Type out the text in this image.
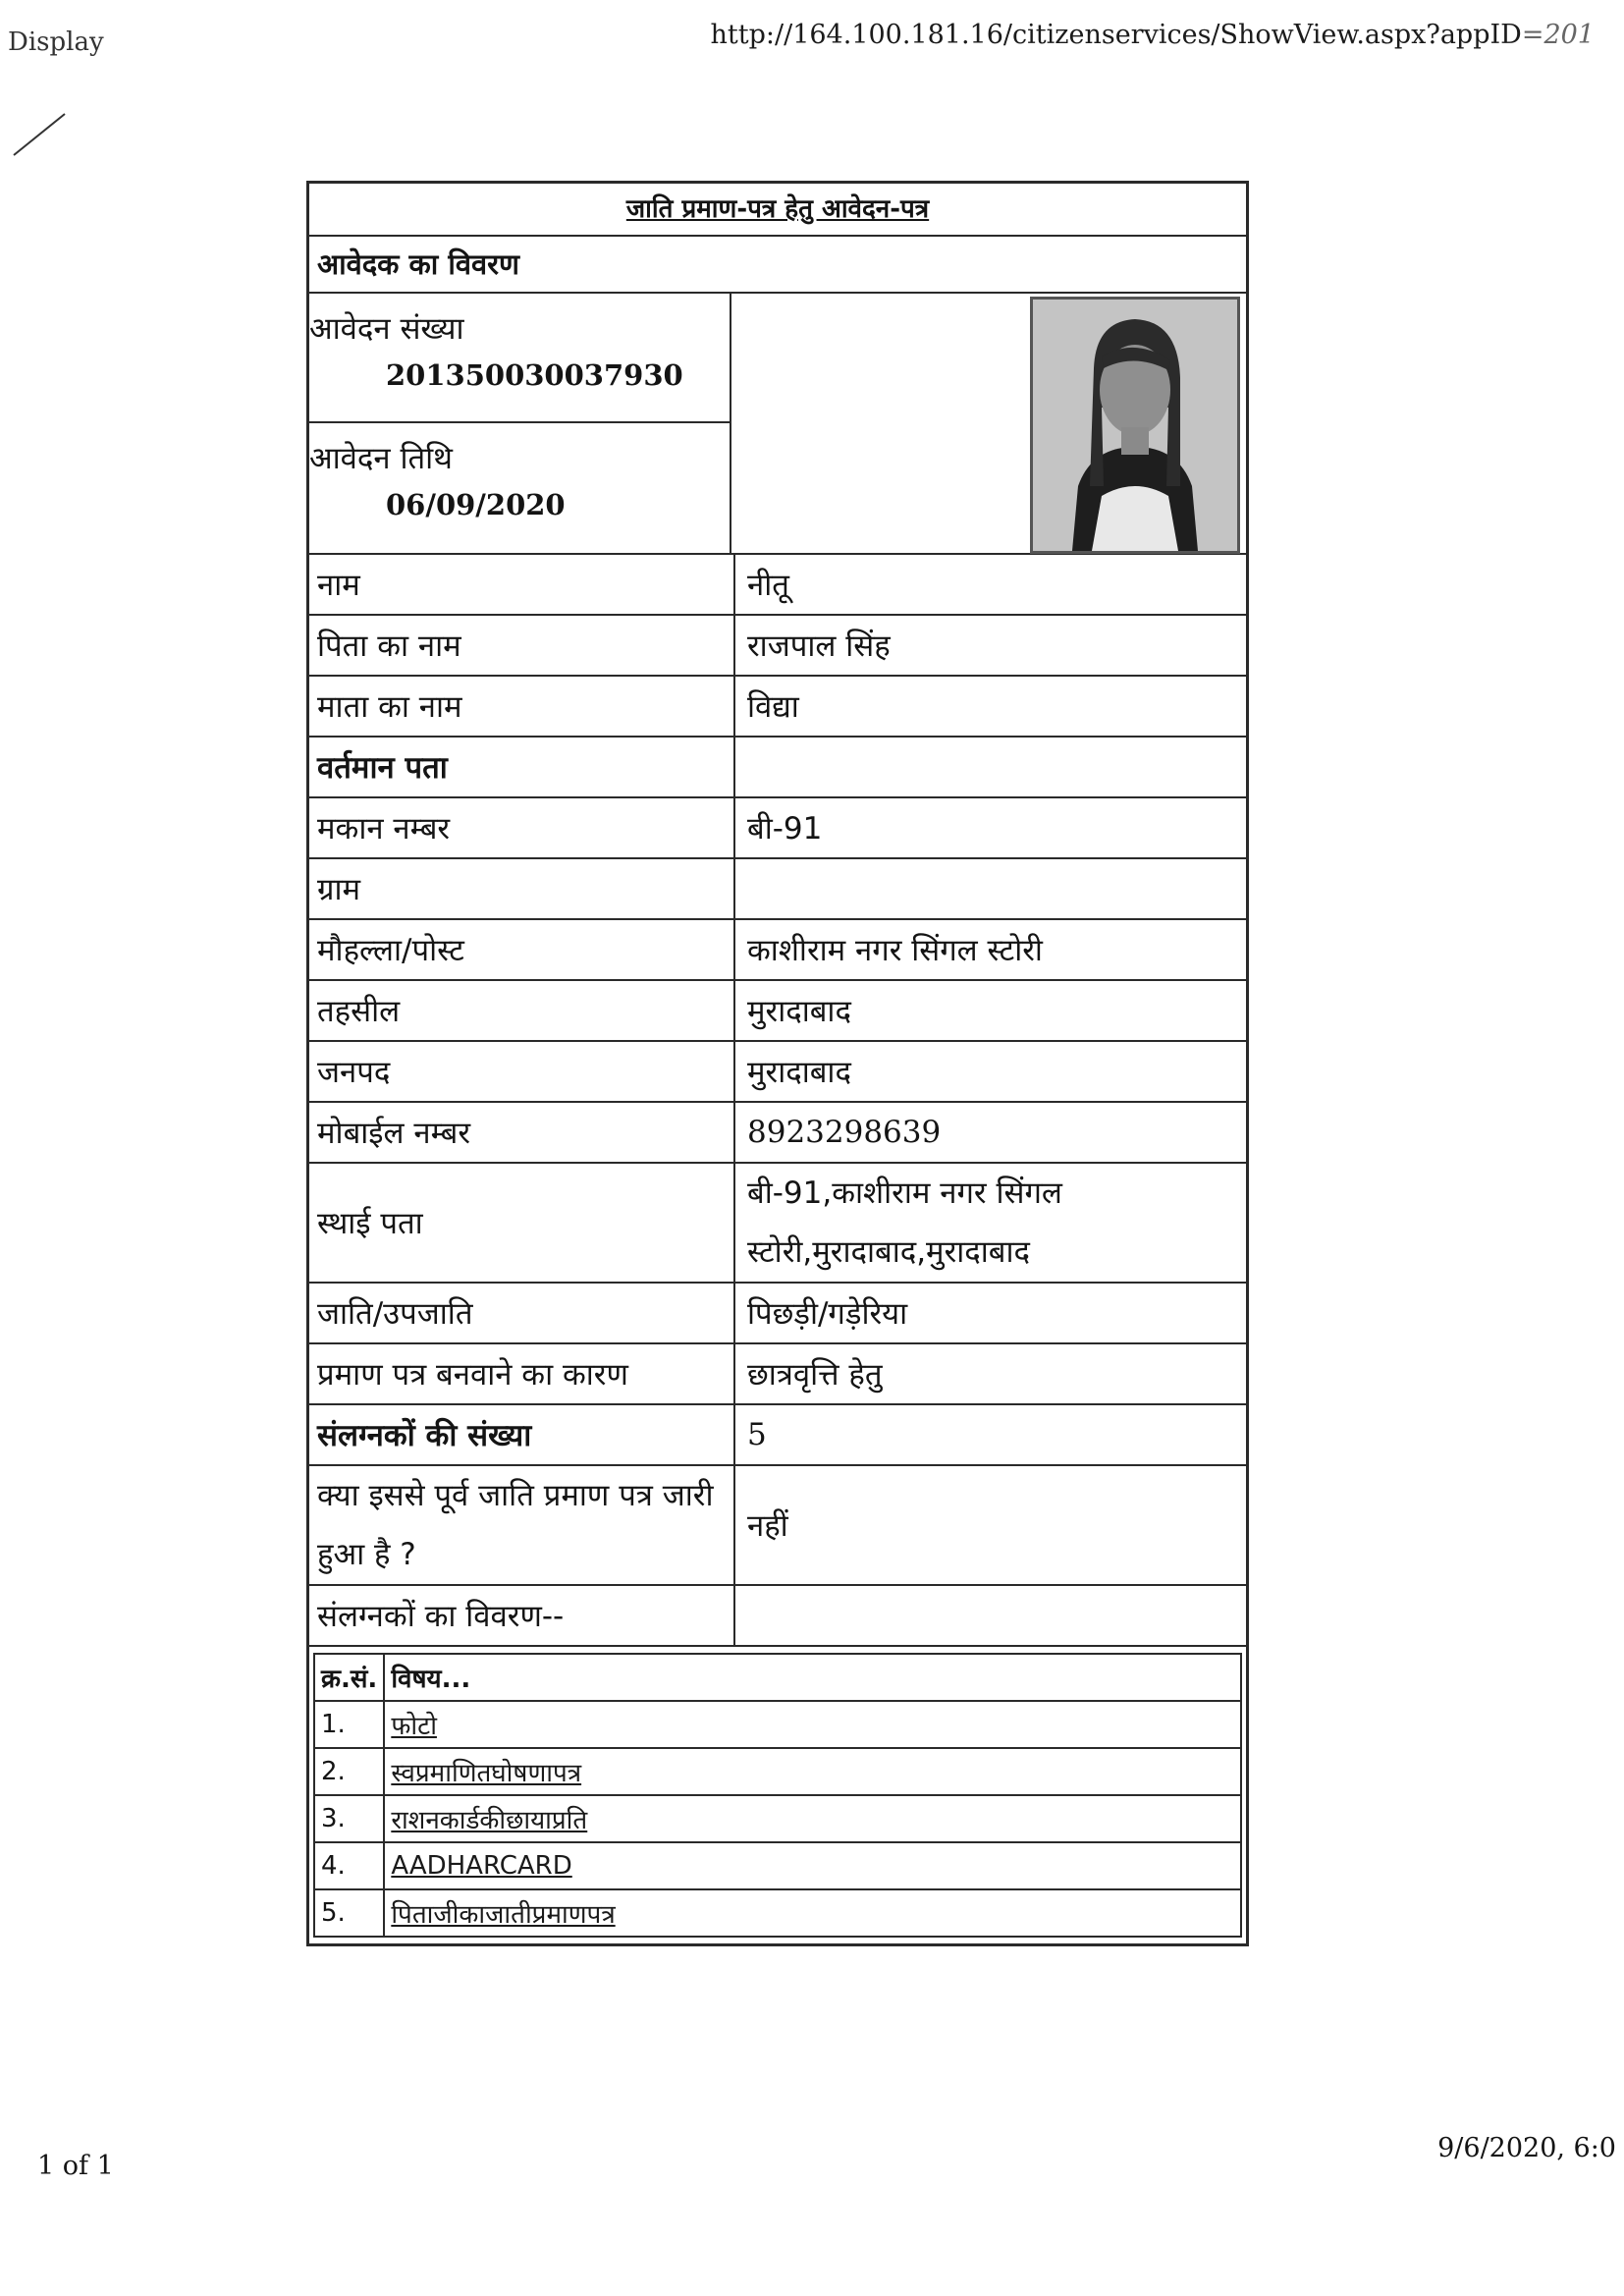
Display	http://164.100.181.16/citizenservices/ShowView.aspx?appID=201
जाति प्रमाण-पत्र हेतु आवेदन-पत्र
आवेदक का विवरण
आवेदन संख्या
201350030037930
आवेदन तिथि
06/09/2020
नाम	नीतू
पिता का नाम	राजपाल सिंह
माता का नाम	विद्या
वर्तमान पता	
मकान नम्बर	बी-91
ग्राम	
मौहल्ला/पोस्ट	काशीराम नगर सिंगल स्टोरी
तहसील	मुरादाबाद
जनपद	मुरादाबाद
मोबाईल नम्बर	8923298639
स्थाई पता	बी-91,काशीराम नगर सिंगल स्टोरी,मुरादाबाद,मुरादाबाद
जाति/उपजाति	पिछड़ी/गड़ेरिया
प्रमाण पत्र बनवाने का कारण	छात्रवृत्ति हेतु
संलग्नकों की संख्या	5
क्या इससे पूर्व जाति प्रमाण पत्र जारी हुआ है ?	नहीं
संलग्नकों का विवरण--	
क्र.सं.	विषय...
1.	फोटो
2.	स्वप्रमाणितघोषणापत्र
3.	राशनकार्डकीछायाप्रति
4.	AADHARCARD
5.	पिताजीकाजातीप्रमाणपत्र
1 of 1
9/6/2020, 6:0
